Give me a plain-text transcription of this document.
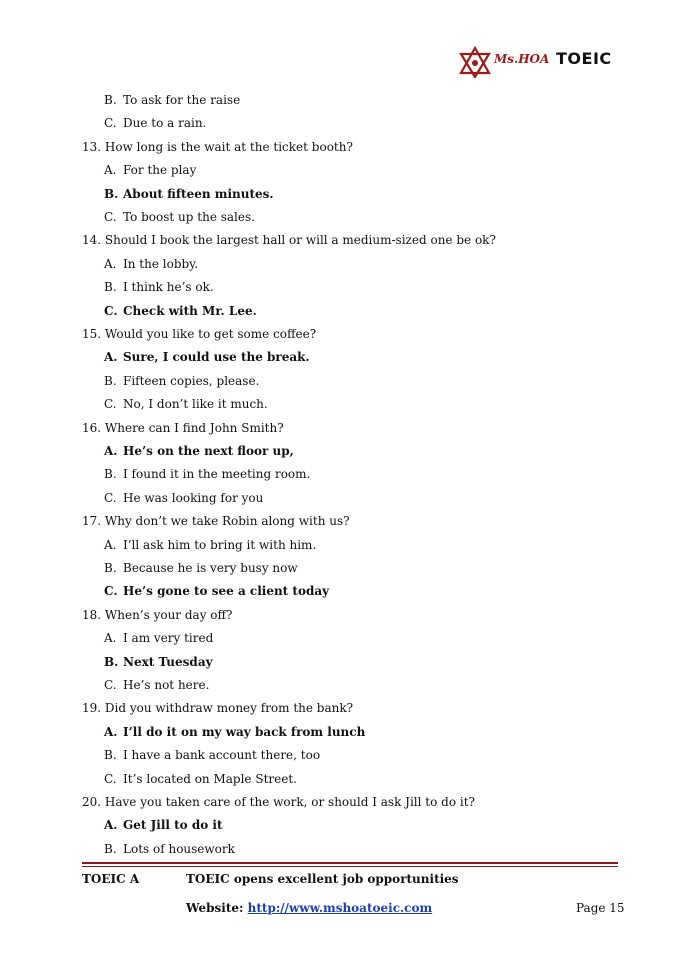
Ms.HOA TOEIC
B. To ask for the raise
C. Due to a rain.
13. How long is the wait at the ticket booth?
A. For the play
B. About fifteen minutes.
C. To boost up the sales.
14. Should I book the largest hall or will a medium-sized one be ok?
A. In the lobby.
B. I think he’s ok.
C. Check with Mr. Lee.
15. Would you like to get some coffee?
A. Sure, I could use the break.
B. Fifteen copies, please.
C. No, I don’t like it much.
16. Where can I find John Smith?
A. He’s on the next floor up,
B. I found it in the meeting room.
C. He was looking for you
17. Why don’t we take Robin along with us?
A. I’ll ask him to bring it with him.
B. Because he is very busy now
C. He’s gone to see a client today
18. When’s your day off?
A. I am very tired
B. Next Tuesday
C. He’s not here.
19. Did you withdraw money from the bank?
A. I’ll do it on my way back from lunch
B. I have a bank account there, too
C. It’s located on Maple Street.
20. Have you taken care of the work, or should I ask Jill to do it?
A. Get Jill to do it
B. Lots of housework
TOEIC A	TOEIC opens excellent job opportunities
Website: http://www.mshoatoeic.com	Page 15
